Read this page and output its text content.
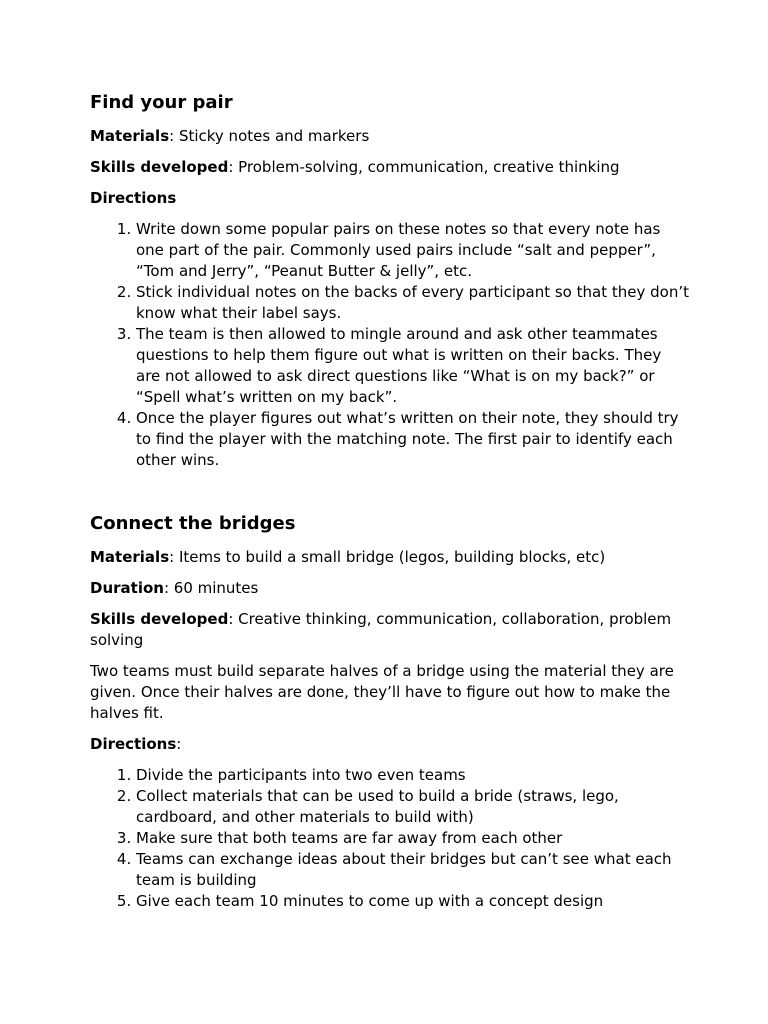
Find your pair

Materials: Sticky notes and markers

Skills developed: Problem-solving, communication, creative thinking

Directions

1. Write down some popular pairs on these notes so that every note has one part of the pair. Commonly used pairs include “salt and pepper”, “Tom and Jerry”, “Peanut Butter & jelly”, etc.
2. Stick individual notes on the backs of every participant so that they don’t know what their label says.
3. The team is then allowed to mingle around and ask other teammates questions to help them figure out what is written on their backs. They are not allowed to ask direct questions like “What is on my back?” or “Spell what’s written on my back”.
4. Once the player figures out what’s written on their note, they should try to find the player with the matching note. The first pair to identify each other wins.
Connect the bridges

Materials: Items to build a small bridge (legos, building blocks, etc)

Duration: 60 minutes

Skills developed: Creative thinking, communication, collaboration, problem solving

Two teams must build separate halves of a bridge using the material they are given. Once their halves are done, they’ll have to figure out how to make the halves fit.

Directions:

1. Divide the participants into two even teams
2. Collect materials that can be used to build a bride (straws, lego, cardboard, and other materials to build with)
3. Make sure that both teams are far away from each other
4. Teams can exchange ideas about their bridges but can’t see what each team is building
5. Give each team 10 minutes to come up with a concept design
